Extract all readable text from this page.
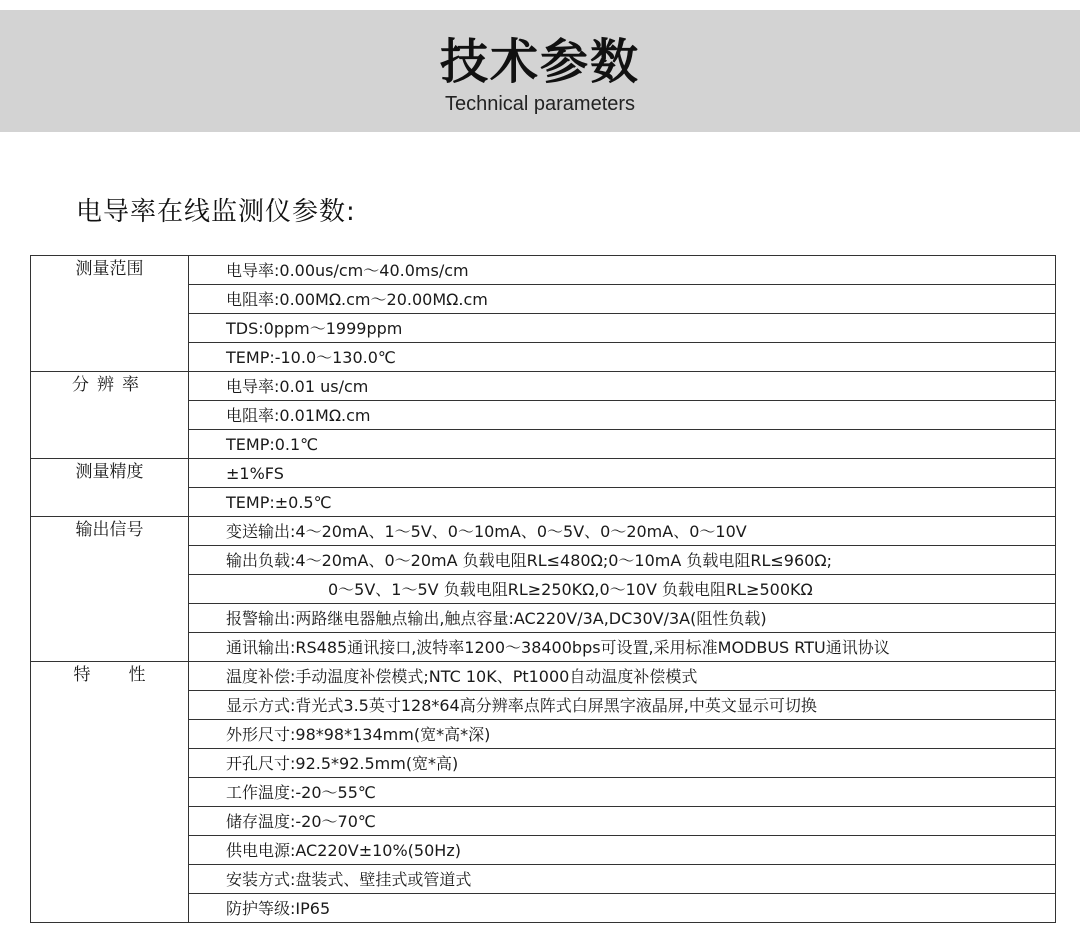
技术参数
Technical parameters
电导率在线监测仪参数:
测量范围	电导率:0.00us/cm～40.0ms/cm
	电阻率:0.00MΩ.cm～20.00MΩ.cm
	TDS:0ppm～1999ppm
	TEMP:-10.0～130.0℃
分辨率	电导率:0.01 us/cm
	电阻率:0.01MΩ.cm
	TEMP:0.1℃
测量精度	±1%FS
	TEMP:±0.5℃
输出信号	变送输出:4～20mA、1～5V、0～10mA、0～5V、0～20mA、0～10V
	输出负载:4～20mA、0～20mA 负载电阻RL≤480Ω;0～10mA 负载电阻RL≤960Ω;
	0～5V、1～5V 负载电阻RL≥250KΩ,0～10V 负载电阻RL≥500KΩ
	报警输出:两路继电器触点输出,触点容量:AC220V/3A,DC30V/3A(阻性负载)
	通讯输出:RS485通讯接口,波特率1200～38400bps可设置,采用标准MODBUS RTU通讯协议
特性	温度补偿:手动温度补偿模式;NTC 10K、Pt1000自动温度补偿模式
	显示方式:背光式3.5英寸128*64高分辨率点阵式白屏黑字液晶屏,中英文显示可切换
	外形尺寸:98*98*134mm(宽*高*深)
	开孔尺寸:92.5*92.5mm(宽*高)
	工作温度:-20～55℃
	储存温度:-20～70℃
	供电电源:AC220V±10%(50Hz)
	安装方式:盘装式、壁挂式或管道式
	防护等级:IP65
